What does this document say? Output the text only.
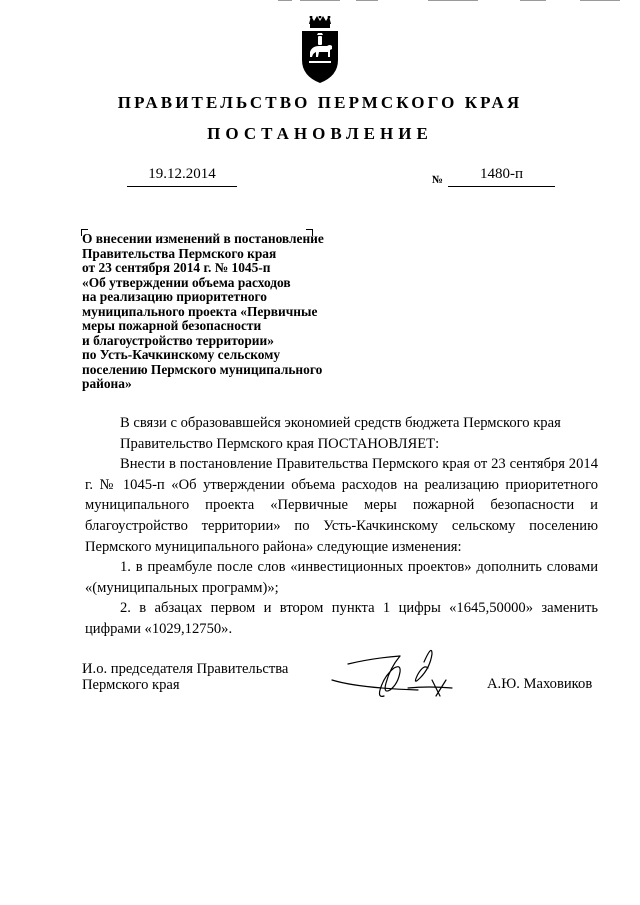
ПРАВИТЕЛЬСТВО ПЕРМСКОГО КРАЯ
ПОСТАНОВЛЕНИЕ
19.12.2014	№	1480-п
О внесении изменений в постановление
Правительства Пермского края
от 23 сентября 2014 г. № 1045-п
«Об утверждении объема расходов
на реализацию приоритетного
муниципального проекта «Первичные
меры пожарной безопасности
и благоустройство территории»
по Усть-Качкинскому сельскому
поселению Пермского муниципального
района»

В связи с образовавшейся экономией средств бюджета Пермского края

Правительство Пермского края ПОСТАНОВЛЯЕТ:

Внести в постановление Правительства Пермского края от 23 сентября 2014 г. № 1045-п «Об утверждении объема расходов на реализацию приоритетного муниципального проекта «Первичные меры пожарной безопасности и благоустройство территории» по Усть-Качкинскому сельскому поселению Пермского муниципального района» следующие изменения:

1. в преамбуле после слов «инвестиционных проектов» дополнить словами «(муниципальных программ)»;

2. в абзацах первом и втором пункта 1 цифры «1645,50000» заменить цифрами «1029,12750».

И.о. председателя Правительства
Пермского края	А.Ю. Маховиков
